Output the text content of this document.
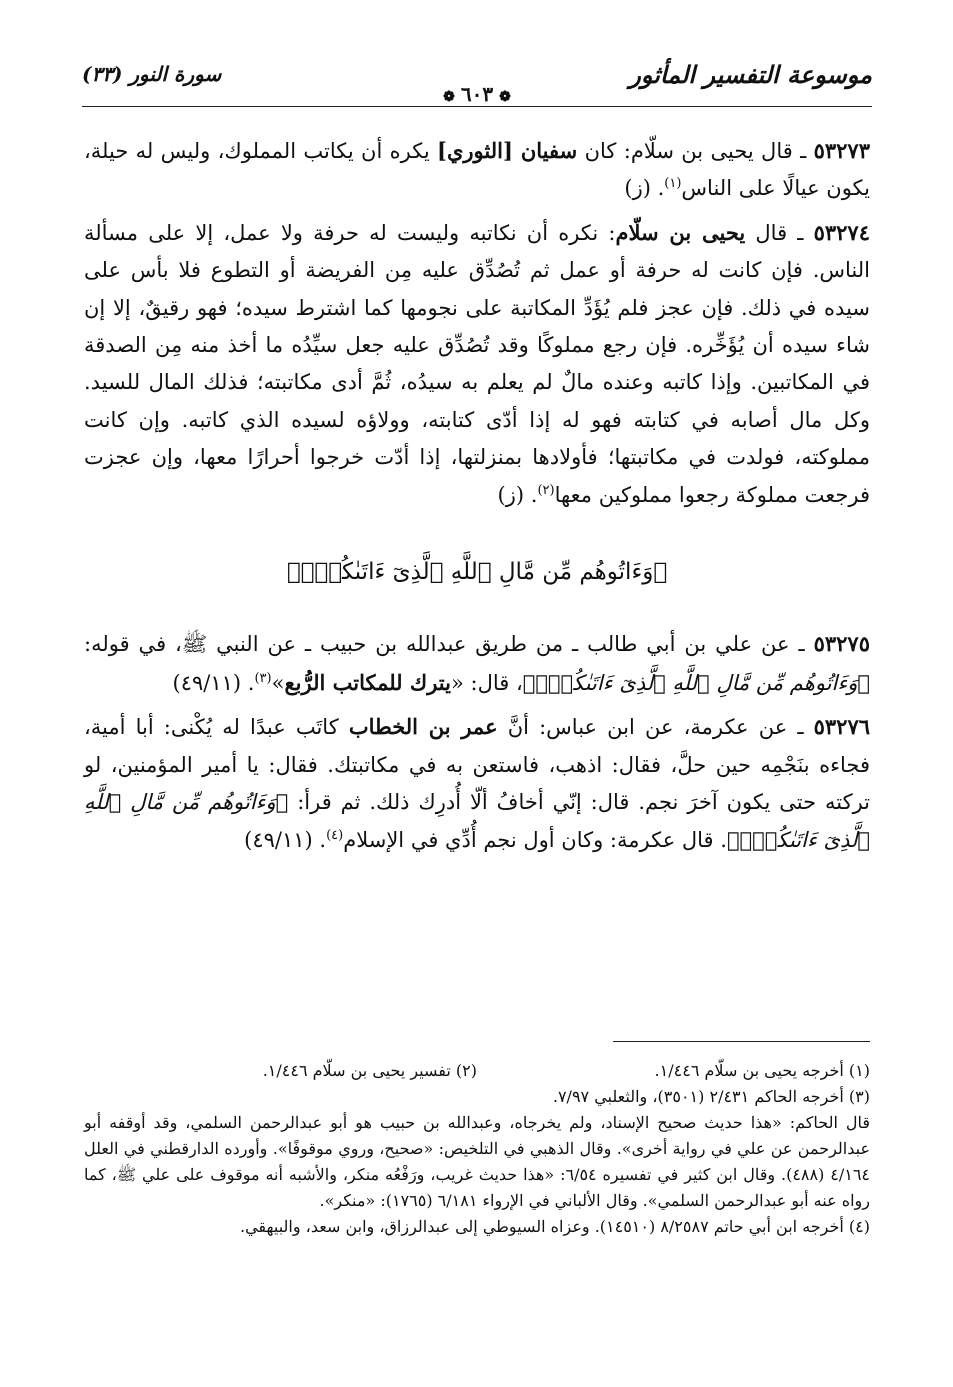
موسوعة التفسير المأثور
سورة النور (٣٣)
❁٦٠٣❁

٥٣٢٧٣ ـ قال يحيى بن سلّام: كان سفيان [الثوري] يكره أن يكاتب المملوك، وليس له حيلة، يكون عيالًا على الناس$^{(١)}$. (ز)

٥٣٢٧٤ ـ قال يحيى بن سلّام: نكره أن نكاتبه وليست له حرفة ولا عمل، إلا على مسألة الناس. فإن كانت له حرفة أو عمل ثم تُصُدِّق عليه مِن الفريضة أو التطوع فلا بأس على سيده في ذلك. فإن عجز فلم يُؤَدِّ المكاتبة على نجومها كما اشترط سيده؛ فهو رقيقٌ، إلا إن شاء سيده أن يُؤَخِّره. فإن رجع مملوكًا وقد تُصُدِّق عليه جعل سيِّدُه ما أخذ منه مِن الصدقة في المكاتبين. وإذا كاتبه وعنده مالٌ لم يعلم به سيدُه، ثُمَّ أدى مكاتبته؛ فذلك المال للسيد. وكل مال أصابه في كتابته فهو له إذا أدّى كتابته، وولاؤه لسيده الذي كاتبه. وإن كانت مملوكته، فولدت في مكاتبتها؛ فأولادها بمنزلتها، إذا أدّت خرجوا أحرارًا معها، وإن عجزت فرجعت مملوكة رجعوا مملوكين معها$^{(٢)}$. (ز)

﴿وَءَاتُوهُم مِّن مَّالِ ٱللَّهِ ٱلَّذِىٓ ءَاتَىٰكُمْۚ﴾

٥٣٢٧٥ ـ عن علي بن أبي طالب ـ من طريق عبدالله بن حبيب ـ عن النبي ﷺ، في قوله: ﴿وَءَاتُوهُم مِّن مَّالِ ٱللَّهِ ٱلَّذِىٓ ءَاتَىٰكُمْۚ﴾، قال: «يترك للمكاتب الرُّبع»$^{(٣)}$. (٤٩/١١)

٥٣٢٧٦ ـ عن عكرمة، عن ابن عباس: أنَّ عمر بن الخطاب كاتَب عبدًا له يُكْنى: أبا أمية، فجاءه بنَجْمِه حين حلَّ، فقال: اذهب، فاستعن به في مكاتبتك. فقال: يا أمير المؤمنين، لو تركته حتى يكون آخرَ نجم. قال: إنّي أخافُ ألّا أُدرِك ذلك. ثم قرأ: ﴿وَءَاتُوهُم مِّن مَّالِ ٱللَّهِ ٱلَّذِىٓ ءَاتَىٰكُمْۚ﴾. قال عكرمة: وكان أول نجم أُدِّي في الإسلام$^{(٤)}$. (٤٩/١١)

(١) أخرجه يحيى بن سلّام ١/٤٤٦.
(٢) تفسير يحيى بن سلّام ١/٤٤٦.

(٣) أخرجه الحاكم ٢/٤٣١ (٣٥٠١)، والثعلبي ٧/٩٧.

قال الحاكم: «هذا حديث صحيح الإسناد، ولم يخرجاه، وعبدالله بن حبيب هو أبو عبدالرحمن السلمي، وقد أوقفه أبو عبدالرحمن عن علي في رواية أخرى». وقال الذهبي في التلخيص: «صحيح، وروي موقوفًا». وأورده الدارقطني في العلل ٤/١٦٤ (٤٨٨). وقال ابن كثير في تفسيره ٦/٥٤: «هذا حديث غريب، ورَفْعُه منكر، والأشبه أنه موقوف على علي ﷺ، كما رواه عنه أبو عبدالرحمن السلمي». وقال الألباني في الإرواء ٦/١٨١ (١٧٦٥): «منكر».

(٤) أخرجه ابن أبي حاتم ٨/٢٥٨٧ (١٤٥١٠). وعزاه السيوطي إلى عبدالرزاق، وابن سعد، والبيهقي.
